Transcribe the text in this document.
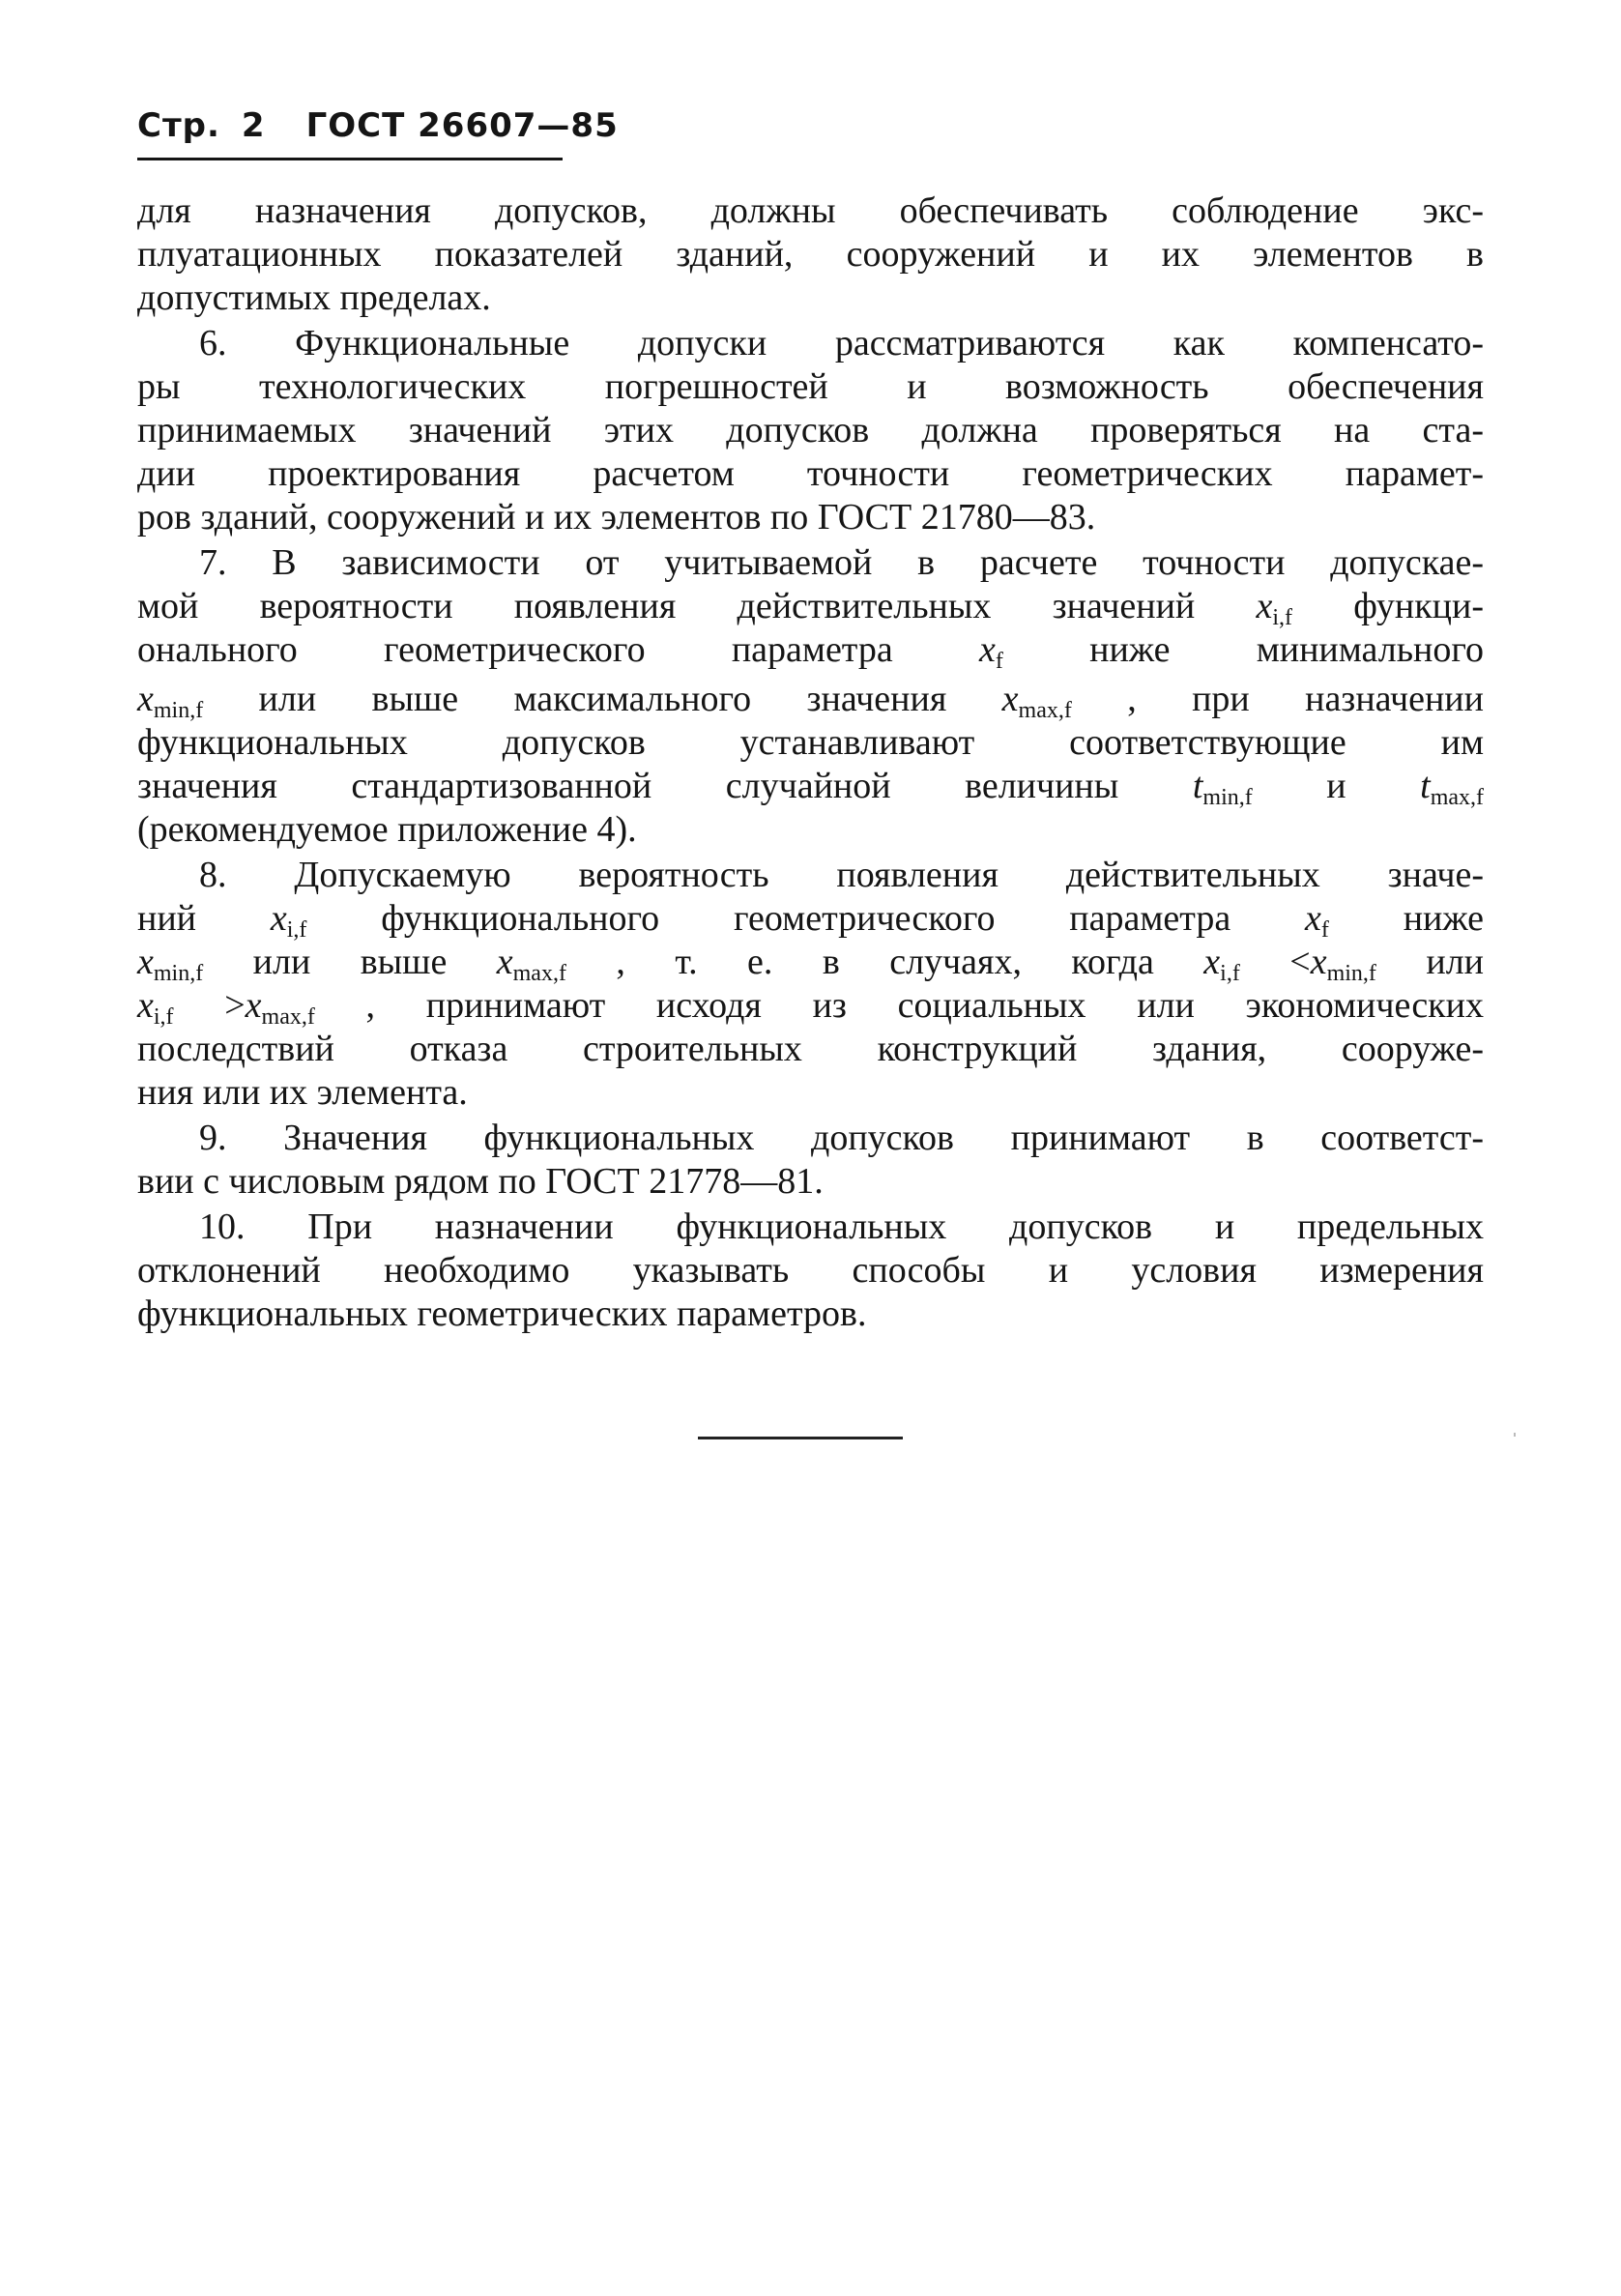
Стр. 2 ГОСТ 26607—85
для назначения допусков, должны обеспечивать соблюдение экс-
плуатационных показателей зданий, сооружений и их элементов в
допустимых пределах.
6. Функциональные допуски рассматриваются как компенсато-
ры технологических погрешностей и возможность обеспечения
принимаемых значений этих допусков должна проверяться на ста-
дии проектирования расчетом точности геометрических парамет-
ров зданий, сооружений и их элементов по ГОСТ 21780—83.
7. В зависимости от учитываемой в расчете точности допускае-
мой вероятности появления действительных значений $x_{i,f}$ функци-
онального геометрического параметра $x_f$ ниже минимального
$x_{min,f}$ или выше максимального значения $x_{max,f}$ , при назначении
функциональных допусков устанавливают соответствующие им
значения стандартизованной случайной величины $t_{min,f}$ и $t_{max,f}$
(рекомендуемое приложение 4).
8. Допускаемую вероятность появления действительных значе-
ний $x_{i,f}$ функционального геометрического параметра $x_f$ ниже
$x_{min,f}$ или выше $x_{max,f}$ , т. е. в случаях, когда $x_{i,f} <x_{min,f}$ или
$x_{i,f} >x_{max,f}$ , принимают исходя из социальных или экономических
последствий отказа строительных конструкций здания, сооруже-
ния или их элемента.
9. Значения функциональных допусков принимают в соответст-
вии с числовым рядом по ГОСТ 21778—81.
10. При назначении функциональных допусков и предельных
отклонений необходимо указывать способы и условия измерения
функциональных геометрических параметров.
